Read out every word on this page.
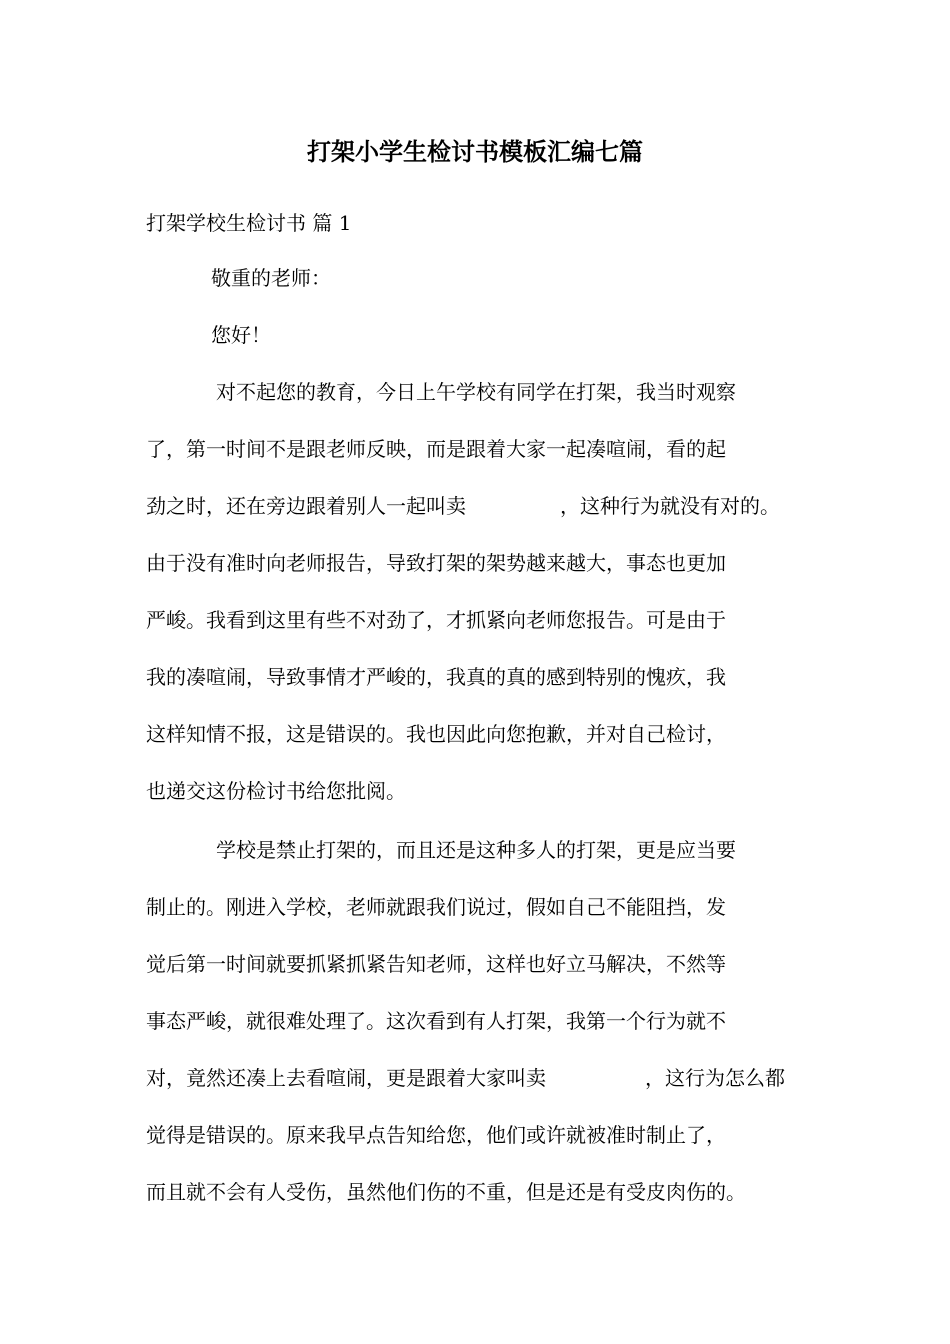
打架小学生检讨书模板汇编七篇
打架学校生检讨书 篇 1
敬重的老师：
您好！
对不起您的教育，今日上午学校有同学在打架，我当时观察
了，第一时间不是跟老师反映，而是跟着大家一起凑喧闹，看的起
劲之时，还在旁边跟着别人一起叫卖	，这种行为就没有对的。
由于没有准时向老师报告，导致打架的架势越来越大，事态也更加
严峻。我看到这里有些不对劲了，才抓紧向老师您报告。可是由于
我的凑喧闹，导致事情才严峻的，我真的真的感到特别的愧疚，我
这样知情不报，这是错误的。我也因此向您抱歉，并对自己检讨，
也递交这份检讨书给您批阅。
学校是禁止打架的，而且还是这种多人的打架，更是应当要
制止的。刚进入学校，老师就跟我们说过，假如自己不能阻挡，发
觉后第一时间就要抓紧抓紧告知老师，这样也好立马解决，不然等
事态严峻，就很难处理了。这次看到有人打架，我第一个行为就不
对，竟然还凑上去看喧闹，更是跟着大家叫卖	，这行为怎么都
觉得是错误的。原来我早点告知给您，他们或许就被准时制止了，
而且就不会有人受伤，虽然他们伤的不重，但是还是有受皮肉伤的。
